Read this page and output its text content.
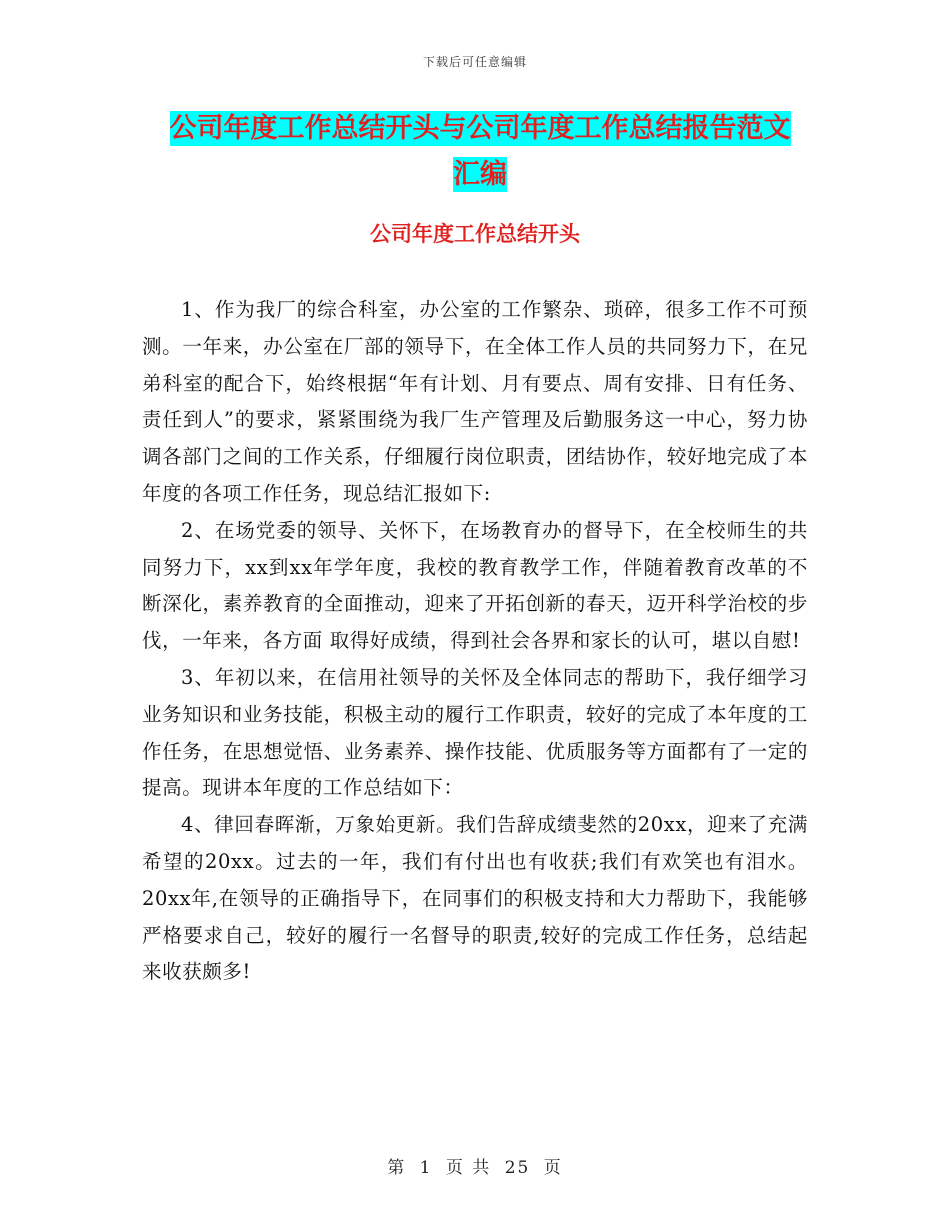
下载后可任意编辑
公司年度工作总结开头与公司年度工作总结报告范文
汇编
公司年度工作总结开头

1、作为我厂的综合科室，办公室的工作繁杂、琐碎，很多工作不可预测。一年来，办公室在厂部的领导下，在全体工作人员的共同努力下，在兄弟科室的配合下，始终根据“年有计划、月有要点、周有安排、日有任务、责任到人”的要求，紧紧围绕为我厂生产管理及后勤服务这一中心，努力协调各部门之间的工作关系，仔细履行岗位职责，团结协作，较好地完成了本年度的各项工作任务，现总结汇报如下:

2、在场党委的领导、关怀下，在场教育办的督导下，在全校师生的共同努力下，xx到xx年学年度，我校的教育教学工作，伴随着教育改革的不断深化，素养教育的全面推动，迎来了开拓创新的春天，迈开科学治校的步伐，一年来，各方面 取得好成绩，得到社会各界和家长的认可，堪以自慰!

3、年初以来，在信用社领导的关怀及全体同志的帮助下，我仔细学习业务知识和业务技能，积极主动的履行工作职责，较好的完成了本年度的工作任务，在思想觉悟、业务素养、操作技能、优质服务等方面都有了一定的提高。现讲本年度的工作总结如下：

4、律回春晖渐，万象始更新。我们告辞成绩斐然的20xx，迎来了充满希望的20xx。过去的一年，我们有付出也有收获;我们有欢笑也有泪水。20xx年,在领导的正确指导下，在同事们的积极支持和大力帮助下，我能够严格要求自己，较好的履行一名督导的职责,较好的完成工作任务，总结起来收获颇多!

第 1 页 共 25 页
